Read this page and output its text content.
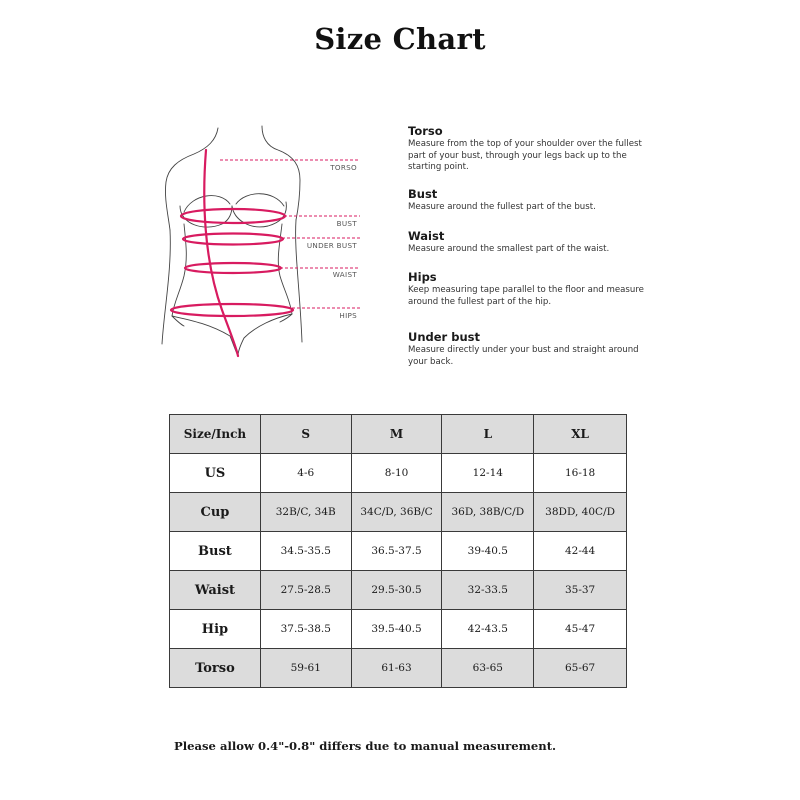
Size Chart
TORSO
BUST
UNDER BUST
WAIST
HIPS
Torso

Measure from the top of your shoulder over the fullest part of your bust, through your legs back up to the starting point.

Bust

Measure around the fullest part of the bust.

Waist

Measure around the smallest part of the waist.

Hips

Keep measuring tape parallel to the floor and measure around the fullest part of the hip.

Under bust

Measure directly under your bust and straight around your back.

Size/Inch	S	M	L	XL
US	4-6	8-10	12-14	16-18
Cup	32B/C, 34B	34C/D, 36B/C	36D, 38B/C/D	38DD, 40C/D
Bust	34.5-35.5	36.5-37.5	39-40.5	42-44
Waist	27.5-28.5	29.5-30.5	32-33.5	35-37
Hip	37.5-38.5	39.5-40.5	42-43.5	45-47
Torso	59-61	61-63	63-65	65-67
Please allow 0.4"-0.8" differs due to manual measurement.
